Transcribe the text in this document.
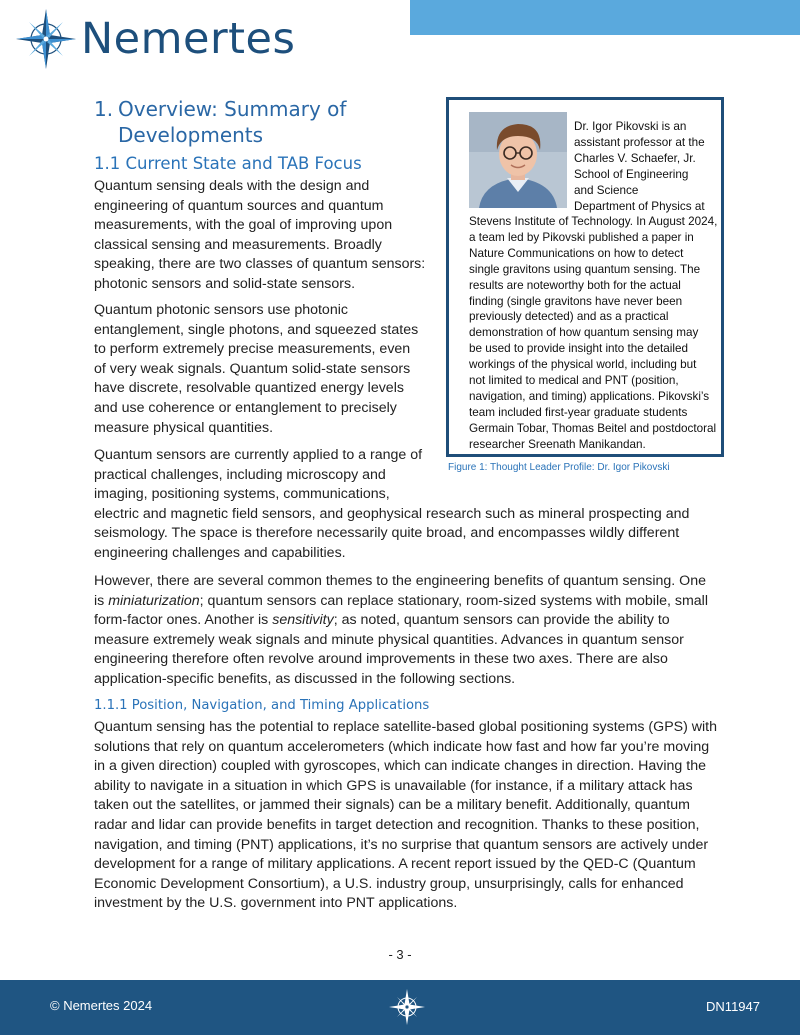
Nemertes
1. Overview: Summary of
Developments
1.1 Current State and TAB Focus
Quantum sensing deals with the design and
engineering of quantum sources and quantum
measurements, with the goal of improving upon
classical sensing and measurements. Broadly
speaking, there are two classes of quantum sensors:
photonic sensors and solid-state sensors.
Quantum photonic sensors use photonic
entanglement, single photons, and squeezed states
to perform extremely precise measurements, even
of very weak signals. Quantum solid-state sensors
have discrete, resolvable quantized energy levels
and use coherence or entanglement to precisely
measure physical quantities.
Quantum sensors are currently applied to a range of
practical challenges, including microscopy and
imaging, positioning systems, communications,
electric and magnetic field sensors, and geophysical research such as mineral prospecting and
seismology. The space is therefore necessarily quite broad, and encompasses wildly different
engineering challenges and capabilities.
However, there are several common themes to the engineering benefits of quantum sensing. One
is miniaturization; quantum sensors can replace stationary, room-sized systems with mobile, small
form-factor ones. Another is sensitivity; as noted, quantum sensors can provide the ability to
measure extremely weak signals and minute physical quantities. Advances in quantum sensor
engineering therefore often revolve around improvements in these two axes. There are also
application-specific benefits, as discussed in the following sections.
1.1.1 Position, Navigation, and Timing Applications
Quantum sensing has the potential to replace satellite-based global positioning systems (GPS) with
solutions that rely on quantum accelerometers (which indicate how fast and how far you’re moving
in a given direction) coupled with gyroscopes, which can indicate changes in direction. Having the
ability to navigate in a situation in which GPS is unavailable (for instance, if a military attack has
taken out the satellites, or jammed their signals) can be a military benefit. Additionally, quantum
radar and lidar can provide benefits in target detection and recognition. Thanks to these position,
navigation, and timing (PNT) applications, it’s no surprise that quantum sensors are actively under
development for a range of military applications. A recent report issued by the QED-C (Quantum
Economic Development Consortium), a U.S. industry group, unsurprisingly, calls for enhanced
investment by the U.S. government into PNT applications.
Dr. Igor Pikovski is an
assistant professor at the
Charles V. Schaefer, Jr.
School of Engineering
and Science
Department of Physics at
Stevens Institute of Technology. In August 2024,
a team led by Pikovski published a paper in
Nature Communications on how to detect
single gravitons using quantum sensing. The
results are noteworthy both for the actual
finding (single gravitons have never been
previously detected) and as a practical
demonstration of how quantum sensing may
be used to provide insight into the detailed
workings of the physical world, including but
not limited to medical and PNT (position,
navigation, and timing) applications. Pikovski’s
team included first-year graduate students
Germain Tobar, Thomas Beitel and postdoctoral
researcher Sreenath Manikandan.
Figure 1: Thought Leader Profile: Dr. Igor Pikovski
- 3 -
© Nemertes 2024	DN11947
